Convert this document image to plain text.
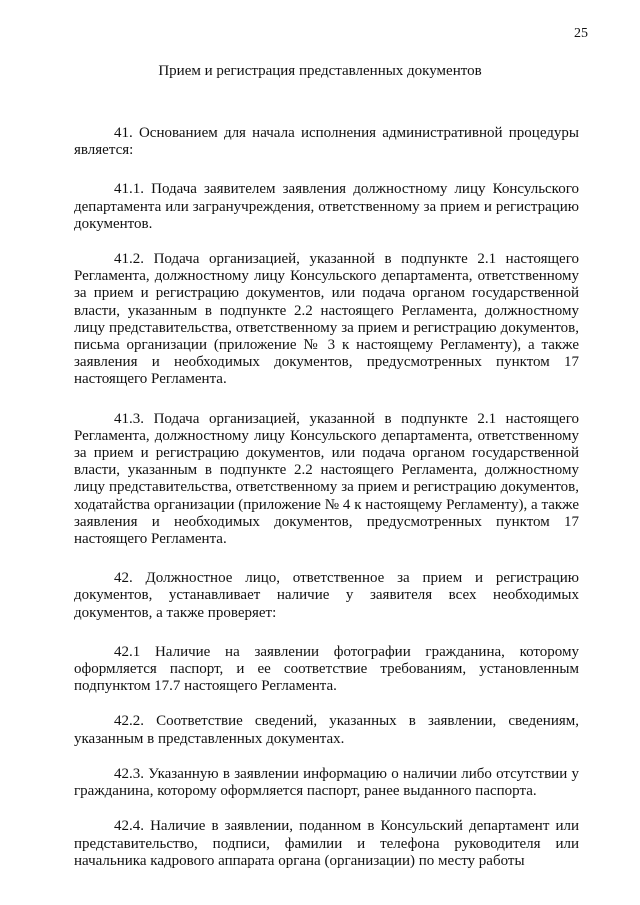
25
Прием и регистрация представленных документов

41. Основанием для начала исполнения административной процедуры является:

41.1. Подача заявителем заявления должностному лицу Консульского департамента или загранучреждения, ответственному за прием и регистрацию документов.

41.2. Подача организацией, указанной в подпункте 2.1 настоящего Регламента, должностному лицу Консульского департамента, ответственному за прием и регистрацию документов, или подача органом государственной власти, указанным в подпункте 2.2 настоящего Регламента, должностному лицу представительства, ответственному за прием и регистрацию документов, письма организации (приложение № 3 к настоящему Регламенту), а также заявления и необходимых документов, предусмотренных пунктом 17 настоящего Регламента.

41.3. Подача организацией, указанной в подпункте 2.1 настоящего Регламента, должностному лицу Консульского департамента, ответственному за прием и регистрацию документов, или подача органом государственной власти, указанным в подпункте 2.2 настоящего Регламента, должностному лицу представительства, ответственному за прием и регистрацию документов, ходатайства организации (приложение № 4 к настоящему Регламенту), а также заявления и необходимых документов, предусмотренных пунктом 17 настоящего Регламента.

42. Должностное лицо, ответственное за прием и регистрацию документов, устанавливает наличие у заявителя всех необходимых документов, а также проверяет:

42.1 Наличие на заявлении фотографии гражданина, которому оформляется паспорт, и ее соответствие требованиям, установленным подпунктом 17.7 настоящего Регламента.

42.2. Соответствие сведений, указанных в заявлении, сведениям, указанным в представленных документах.

42.3. Указанную в заявлении информацию о наличии либо отсутствии у гражданина, которому оформляется паспорт, ранее выданного паспорта.

42.4. Наличие в заявлении, поданном в Консульский департамент или представительство, подписи, фамилии и телефона руководителя или начальника кадрового аппарата органа (организации) по месту работы
